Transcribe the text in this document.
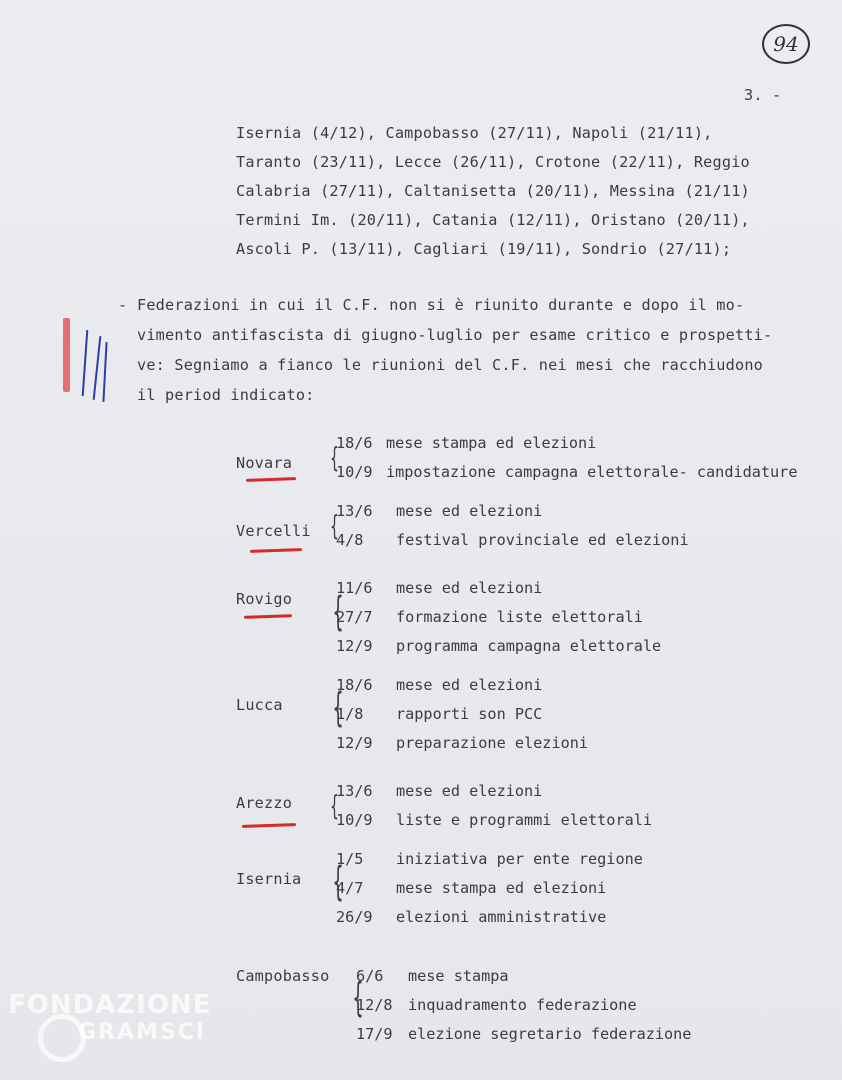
94
3. -
Isernia (4/12), Campobasso (27/11), Napoli (21/11),
Taranto (23/11), Lecce (26/11), Crotone (22/11), Reggio
Calabria (27/11), Caltanisetta (20/11), Messina (21/11)
Termini Im. (20/11), Catania (12/11), Oristano (20/11),
Ascoli P. (13/11), Cagliari (19/11), Sondrio (27/11);
- Federazioni in cui il C.F. non si è riunito durante e dopo il mo-
vimento antifascista di giugno-luglio per esame critico e prospetti-
ve: Segniamo a fianco le riunioni del C.F. nei mesi che racchiudono
il period indicato:
Novara {
18/6 mese stampa ed elezioni
10/9 impostazione campagna elettorale- candidature
Vercelli {
13/6 mese ed elezioni
4/8 festival provinciale ed elezioni
Rovigo {
11/6 mese ed elezioni
27/7 formazione liste elettorali
12/9 programma campagna elettorale
Lucca {
18/6 mese ed elezioni
1/8 rapporti son PCC
12/9 preparazione elezioni
Arezzo {
13/6 mese ed elezioni
10/9 liste e programmi elettorali
Isernia {
1/5 iniziativa per ente regione
4/7 mese stampa ed elezioni
26/9 elezioni amministrative
Campobasso {
6/6 mese stampa
12/8 inquadramento federazione
17/9 elezione segretario federazione
FONDAZIONE
GRAMSCI
